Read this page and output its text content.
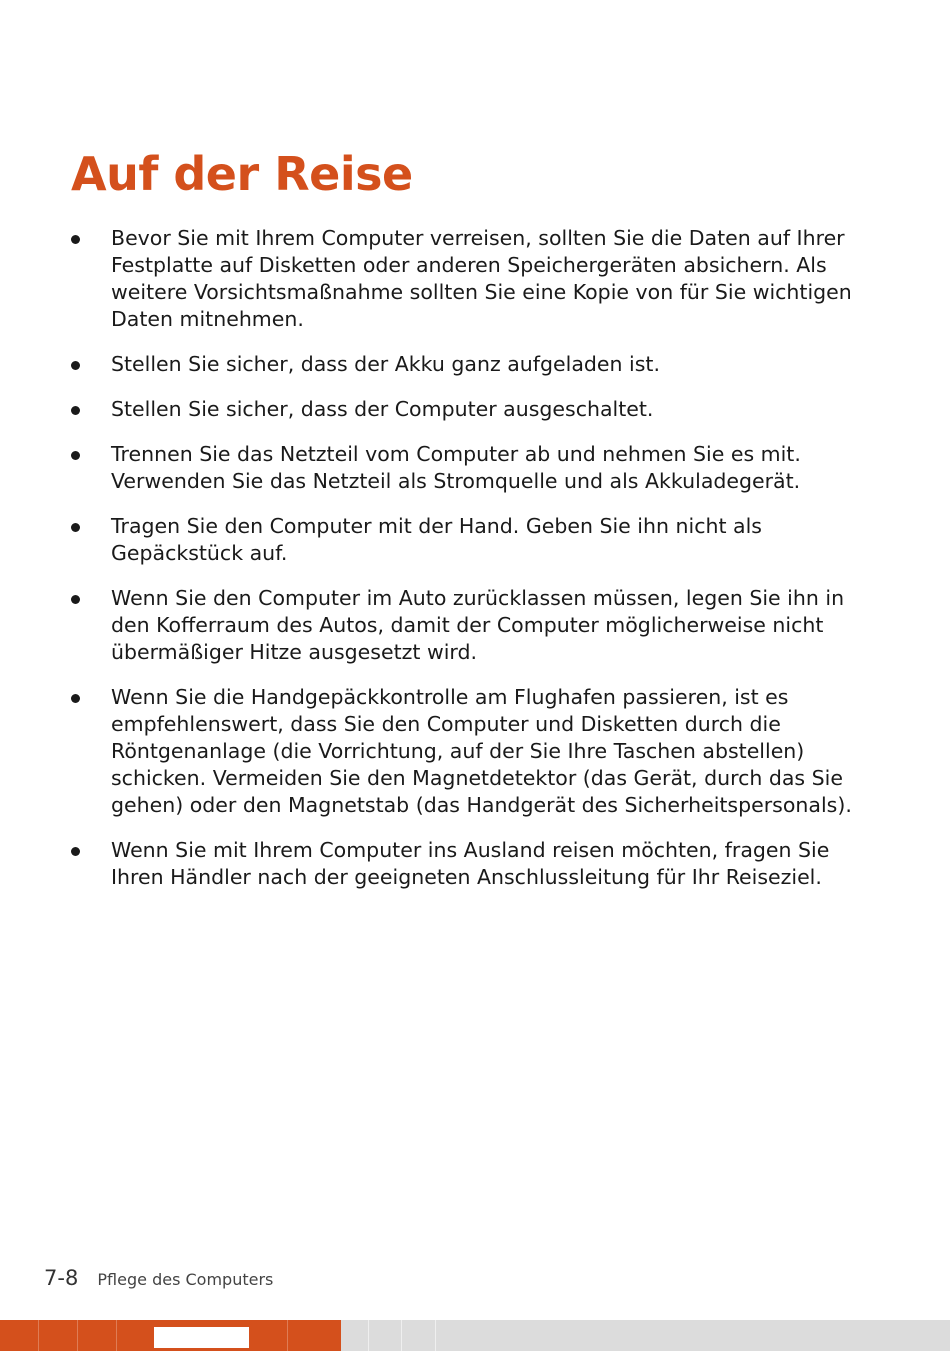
Auf der Reise
Bevor Sie mit Ihrem Computer verreisen, sollten Sie die Daten auf Ihrer Festplatte auf Disketten oder anderen Speichergeräten absichern. Als weitere Vorsichtsmaßnahme sollten Sie eine Kopie von für Sie wichtigen Daten mitnehmen.
Stellen Sie sicher, dass der Akku ganz aufgeladen ist.
Stellen Sie sicher, dass der Computer ausgeschaltet.
Trennen Sie das Netzteil vom Computer ab und nehmen Sie es mit. Verwenden Sie das Netzteil als Stromquelle und als Akkuladegerät.
Tragen Sie den Computer mit der Hand. Geben Sie ihn nicht als Gepäckstück auf.
Wenn Sie den Computer im Auto zurücklassen müssen, legen Sie ihn in den Kofferraum des Autos, damit der Computer möglicherweise nicht übermäßiger Hitze ausgesetzt wird.
Wenn Sie die Handgepäckkontrolle am Flughafen passieren, ist es empfehlenswert, dass Sie den Computer und Disketten durch die Röntgenanlage (die Vorrichtung, auf der Sie Ihre Taschen abstellen) schicken. Vermeiden Sie den Magnetdetektor (das Gerät, durch das Sie gehen) oder den Magnetstab (das Handgerät des Sicherheitspersonals).
Wenn Sie mit Ihrem Computer ins Ausland reisen möchten, fragen Sie Ihren Händler nach der geeigneten Anschlussleitung für Ihr Reiseziel.
7-8 Pflege des Computers
